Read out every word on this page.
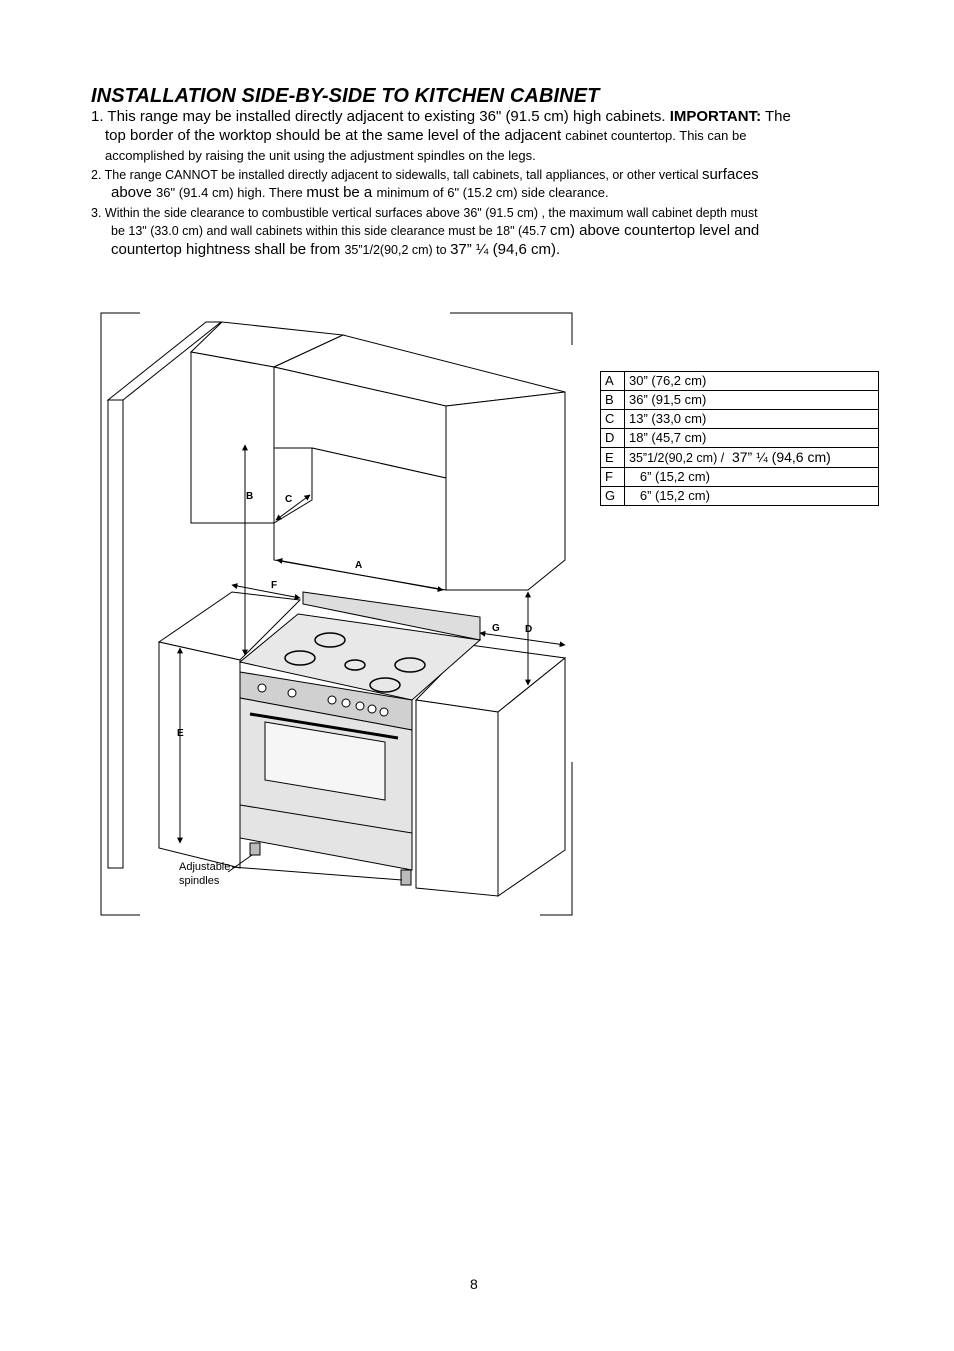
INSTALLATION SIDE-BY-SIDE TO KITCHEN CABINET
1. This range may be installed directly adjacent to existing 36" (91.5 cm) high cabinets. IMPORTANT: The
top border of the worktop should be at the same level of the adjacent cabinet countertop. This can be
accomplished by raising the unit using the adjustment spindles on the legs.
2. The range CANNOT be installed directly adjacent to sidewalls, tall cabinets, tall appliances, or other vertical surfaces
above 36" (91.4 cm) high. There must be a minimum of 6" (15.2 cm) side clearance.
3. Within the side clearance to combustible vertical surfaces above 36" (91.5 cm) , the maximum wall cabinet depth must
be 13" (33.0 cm) and wall cabinets within this side clearance must be 18" (45.7 cm) above countertop level and
countertop hightness shall be from 35”1/2(90,2 cm) to 37” ¼ (94,6 cm).
A	30” (76,2 cm)
B	36” (91,5 cm)
C	13” (33,0 cm)
D	18” (45,7 cm)
E	35”1/2(90,2 cm) /  37” ¼ (94,6 cm)
F	6” (15,2 cm)
G	6” (15,2 cm)
B	C
A
F
G	D
E
Adjustable
spindles
8
